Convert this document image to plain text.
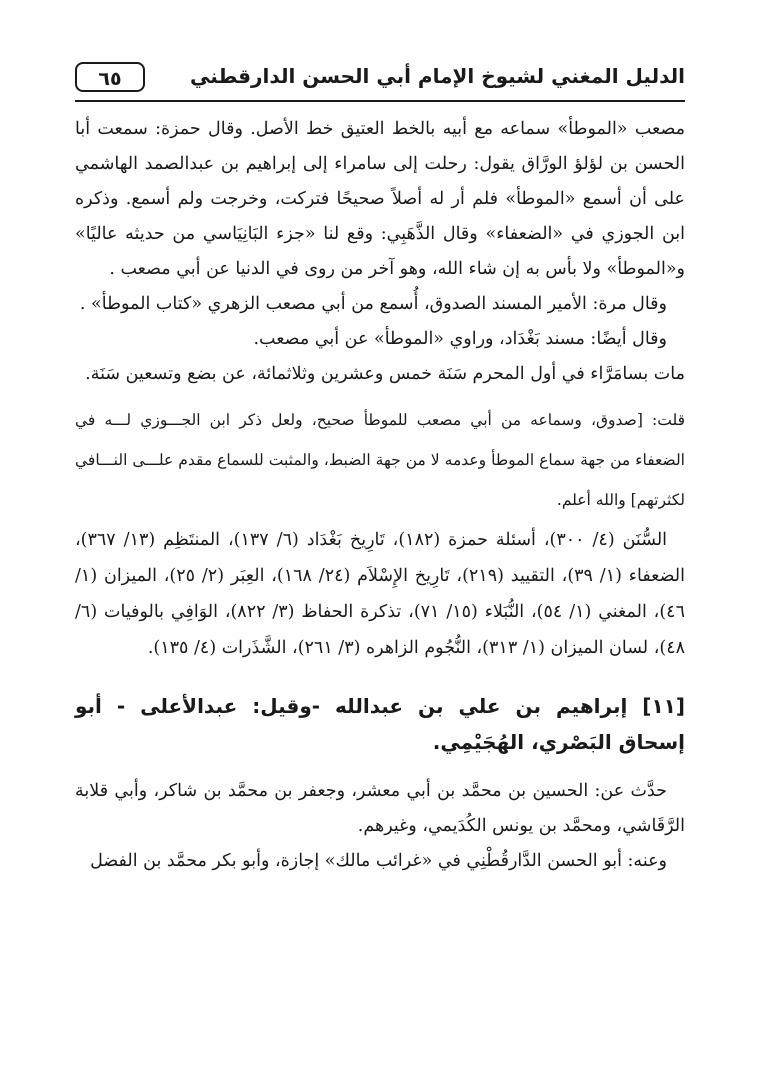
الدليل المغني لشيوخ الإمام أبي الحسن الدارقطني
٦٥

مصعب «الموطأ» سماعه مع أبيه بالخط العتيق خط الأصل. وقال حمزة: سمعت أبا الحسن بن لؤلؤ الورَّاق يقول: رحلت إلى سامراء إلى إبراهيم بن عبدالصمد الهاشمي على أن أسمع «الموطأ» فلم أر له أصلاً صحيحًا فتركت، وخرجت ولم أسمع. وذكره ابن الجوزي في «الضعفاء» وقال الذَّهَبِي: وقع لنا «جزء البَانِيَاسي من حديثه عاليًا» و«الموطأ» ولا بأس به إن شاء الله، وهو آخر من روى في الدنيا عن أبي مصعب .

وقال مرة: الأمير المسند الصدوق، أُسمع من أبي مصعب الزهري «كتاب الموطأ» .

وقال أيضًا: مسند بَغْدَاد، وراوي «الموطأ» عن أبي مصعب.

مات بسامَرَّاء في أول المحرم سَنَة خمس وعشرين وثلاثمائة، عن بضع وتسعين سَنَة.

قلت: [صدوق، وسماعه من أبي مصعب للموطأ صحيح، ولعل ذكر ابن الجـــوزي لـــه في الضعفاء من جهة سماع الموطأ وعدمه لا من جهة الضبط، والمثبت للسماع مقدم علـــى النـــافي لكثرتهم] والله أعلم.

السُّنَن (٤/ ٣٠٠)، أسئلة حمزة (١٨٢)، تَارِيخ بَغْدَاد (٦/ ١٣٧)، المنتَظِم (١٣/ ٣٦٧)، الضعفاء (١/ ٣٩)، التقييد (٢١٩)، تَارِيخ الإِسْلاَم (٢٤/ ١٦٨)، العِبَر (٢/ ٢٥)، الميزان (١/ ٤٦)، المغني (١/ ٥٤)، النُّبَلاء (١٥/ ٧١)، تذكرة الحفاظ (٣/ ٨٢٢)، الوَافِي بالوفيات (٦/ ٤٨)، لسان الميزان (١/ ٣١٣)، النُّجُوم الزاهره (٣/ ٢٦١)، الشَّذَرات (٤/ ١٣٥).

[١١] إبراهيم بن علي بن عبدالله -وقيل: عبدالأعلى - أبو إسحاق البَصْري، الهُجَيْمِي.

حدَّث عن: الحسين بن محمَّد بن أبي معشر، وجعفر بن محمَّد بن شاكر، وأبي قلابة الرَّقَاشي، ومحمَّد بن يونس الكُدَيمي، وغيرهم.

وعنه: أبو الحسن الدَّارقُطْنِي في «غرائب مالك» إجازة، وأبو بكر محمَّد بن الفضل
